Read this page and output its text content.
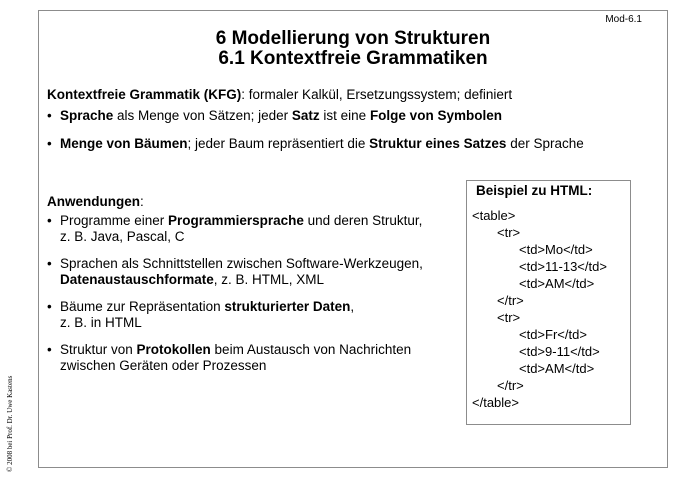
Mod-6.1
6 Modellierung von Strukturen
6.1 Kontextfreie Grammatiken
© 2008 bei Prof. Dr. Uwe Kastens
Kontextfreie Grammatik (KFG): formaler Kalkül, Ersetzungssystem; definiert
• Sprache als Menge von Sätzen; jeder Satz ist eine Folge von Symbolen
• Menge von Bäumen; jeder Baum repräsentiert die Struktur eines Satzes der Sprache
Anwendungen:
• Programme einer Programmiersprache und deren Struktur,
z. B. Java, Pascal, C
• Sprachen als Schnittstellen zwischen Software-Werkzeugen,
Datenaustauschformate, z. B. HTML, XML
• Bäume zur Repräsentation strukturierter Daten,
z. B. in HTML
• Struktur von Protokollen beim Austausch von Nachrichten
zwischen Geräten oder Prozessen
Beispiel zu HTML:
<table>
<tr>
<td>Mo</td>
<td>11-13</td>
<td>AM</td>
</tr>
<tr>
<td>Fr</td>
<td>9-11</td>
<td>AM</td>
</tr>
</table>
